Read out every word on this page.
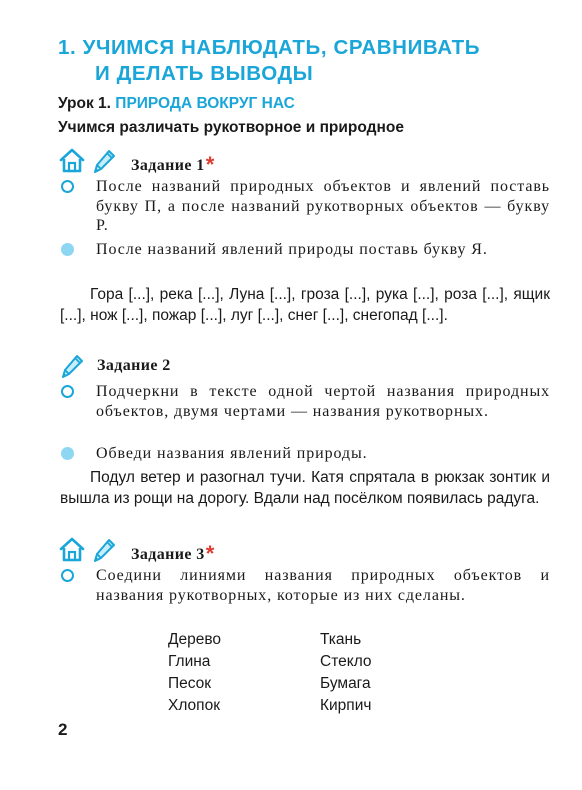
1. УЧИМСЯ НАБЛЮДАТЬ, СРАВНИВАТЬ
И ДЕЛАТЬ ВЫВОДЫ
Урок 1. ПРИРОДА ВОКРУГ НАС
Учимся различать рукотворное и природное
Задание 1*

После названий природных объектов и явлений поставь букву П, а после названий рукотворных объектов — букву Р.

После названий явлений природы поставь букву Я.

Гора [...], река [...], Луна [...], гроза [...], рука [...], роза [...], ящик [...], нож [...], пожар [...], луг [...], снег [...], снегопад [...].

Задание 2

Подчеркни в тексте одной чертой названия природных объектов, двумя чертами — названия рукотворных.

Обведи названия явлений природы.

Подул ветер и разогнал тучи. Катя спрятала в рюкзак зонтик и вышла из рощи на дорогу. Вдали над посёлком появилась радуга.

Задание 3*

Соедини линиями названия природных объектов и названия рукотворных, которые из них сделаны.

Дерево
Глина
Песок
Хлопок
Ткань
Стекло
Бумага
Кирпич
2
